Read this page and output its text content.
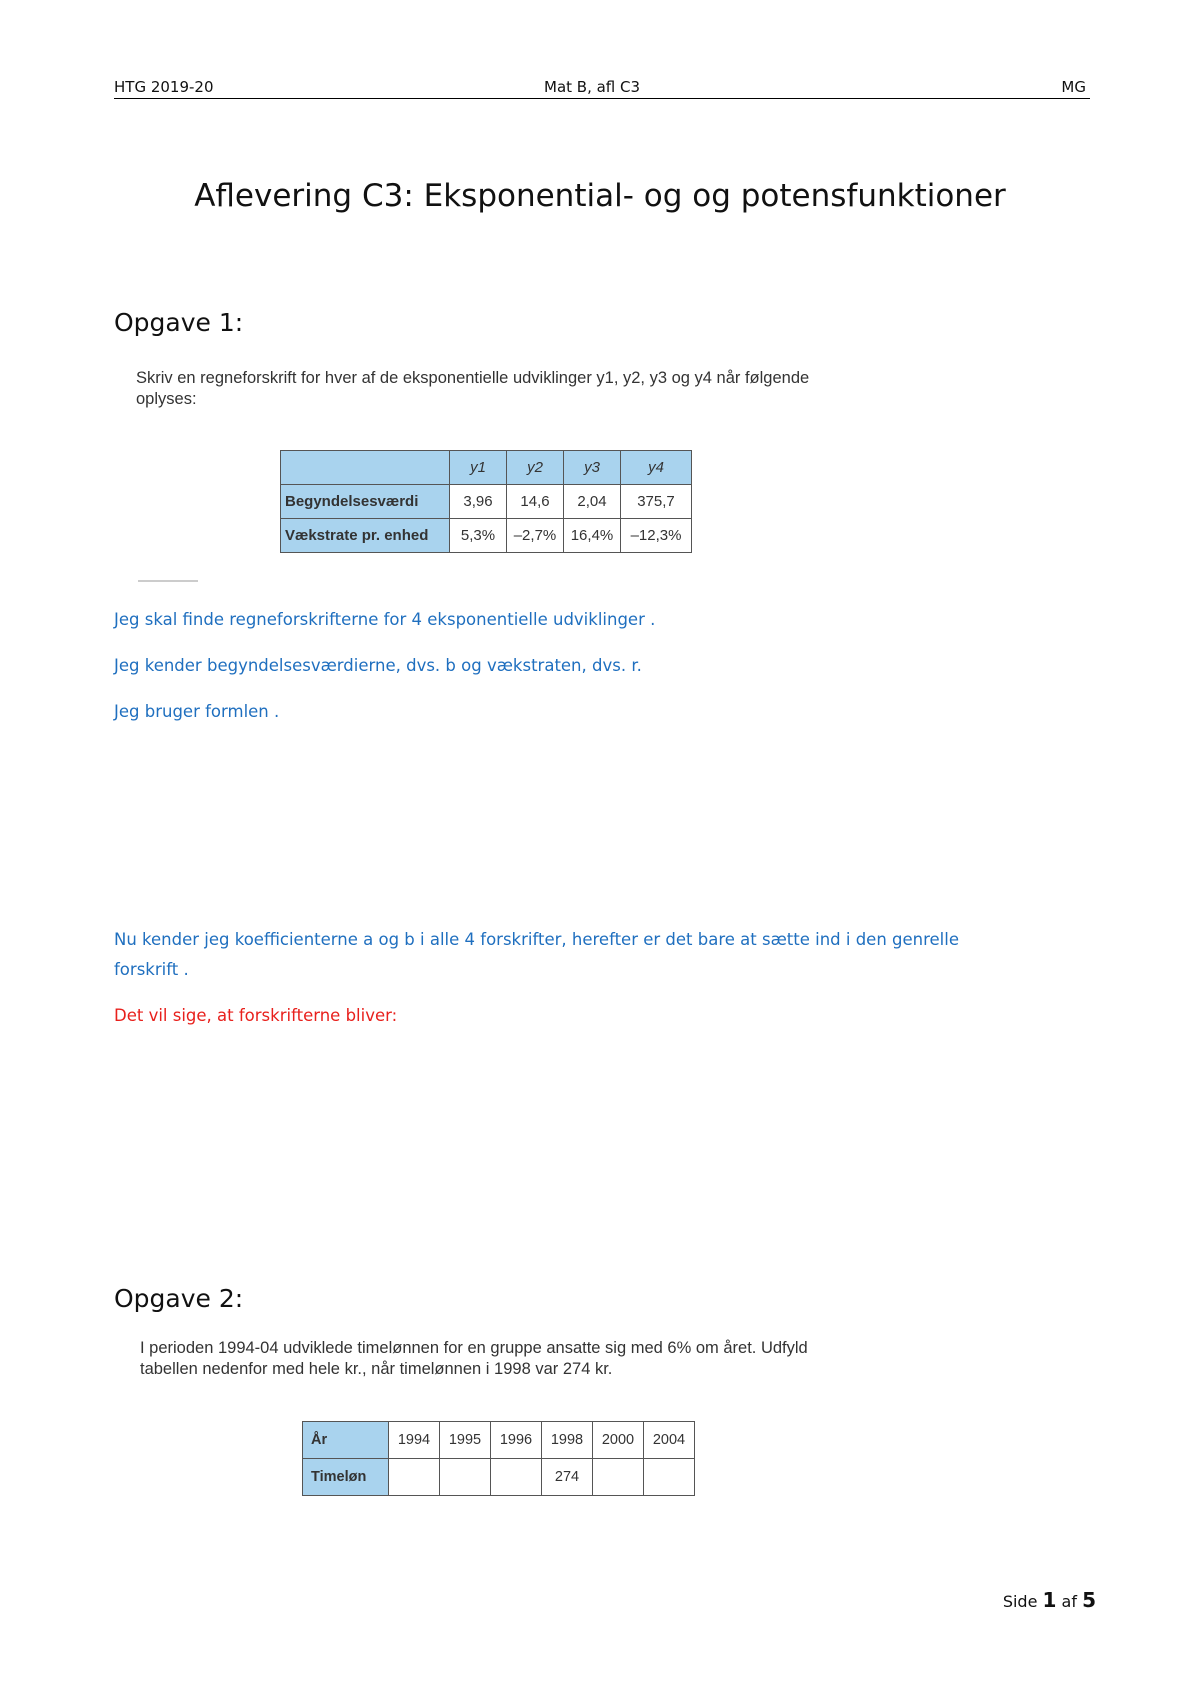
HTG 2019-20	Mat B, afl C3	MG
Aflevering C3: Eksponential- og og potensfunktioner
Opgave 1:
Skriv en regneforskrift for hver af de eksponentielle udviklinger y1, y2, y3 og y4 når følgende
oplyses:
	y1	y2	y3	y4
Begyndelsesværdi	3,96	14,6	2,04	375,7
Vækstrate pr. enhed	5,3%	–2,7%	16,4%	–12,3%
Jeg skal finde regneforskrifterne for 4 eksponentielle udviklinger .
Jeg kender begyndelsesværdierne, dvs. b og vækstraten, dvs. r.
Jeg bruger formlen .
Nu kender jeg koefficienterne a og b i alle 4 forskrifter, herefter er det bare at sætte ind i den genrelle
forskrift .
Det vil sige, at forskrifterne bliver:
Opgave 2:
I perioden 1994-04 udviklede timelønnen for en gruppe ansatte sig med 6% om året. Udfyld
tabellen nedenfor med hele kr., når timelønnen i 1998 var 274 kr.
År	1994	1995	1996	1998	2000	2004
Timeløn				274		
Side 1 af 5
